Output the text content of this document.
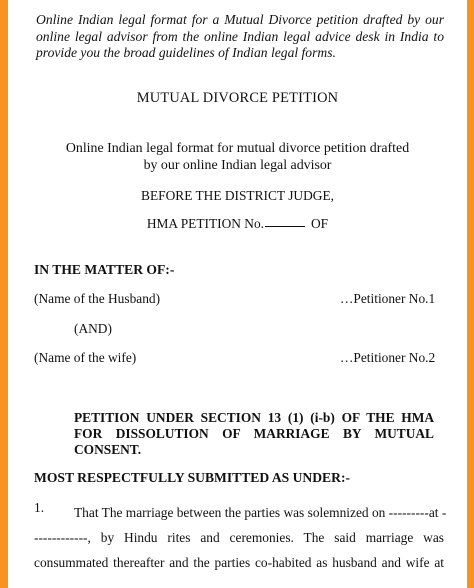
Online Indian legal format for a Mutual Divorce petition drafted by our online legal advisor from the online Indian legal advice desk in India to provide you the broad guidelines of Indian legal forms.

MUTUAL DIVORCE PETITION
Online Indian legal format for mutual divorce petition drafted
by our online Indian legal advisor
BEFORE THE DISTRICT JUDGE,
HMA PETITION No.	OF
IN THE MATTER OF:-
(Name of the Husband)	…Petitioner No.1
(AND)
(Name of the wife)	…Petitioner No.2

PETITION UNDER SECTION 13 (1) (i-b) OF THE HMA FOR DISSOLUTION OF MARRIAGE BY MUTUAL CONSENT.

MOST RESPECTFULLY SUBMITTED AS UNDER:-
1.	That The marriage between the parties was solemnized on ---------at -
------------, by Hindu rites and ceremonies. The said marriage was
consummated thereafter and the parties co-habited as husband and wife at
